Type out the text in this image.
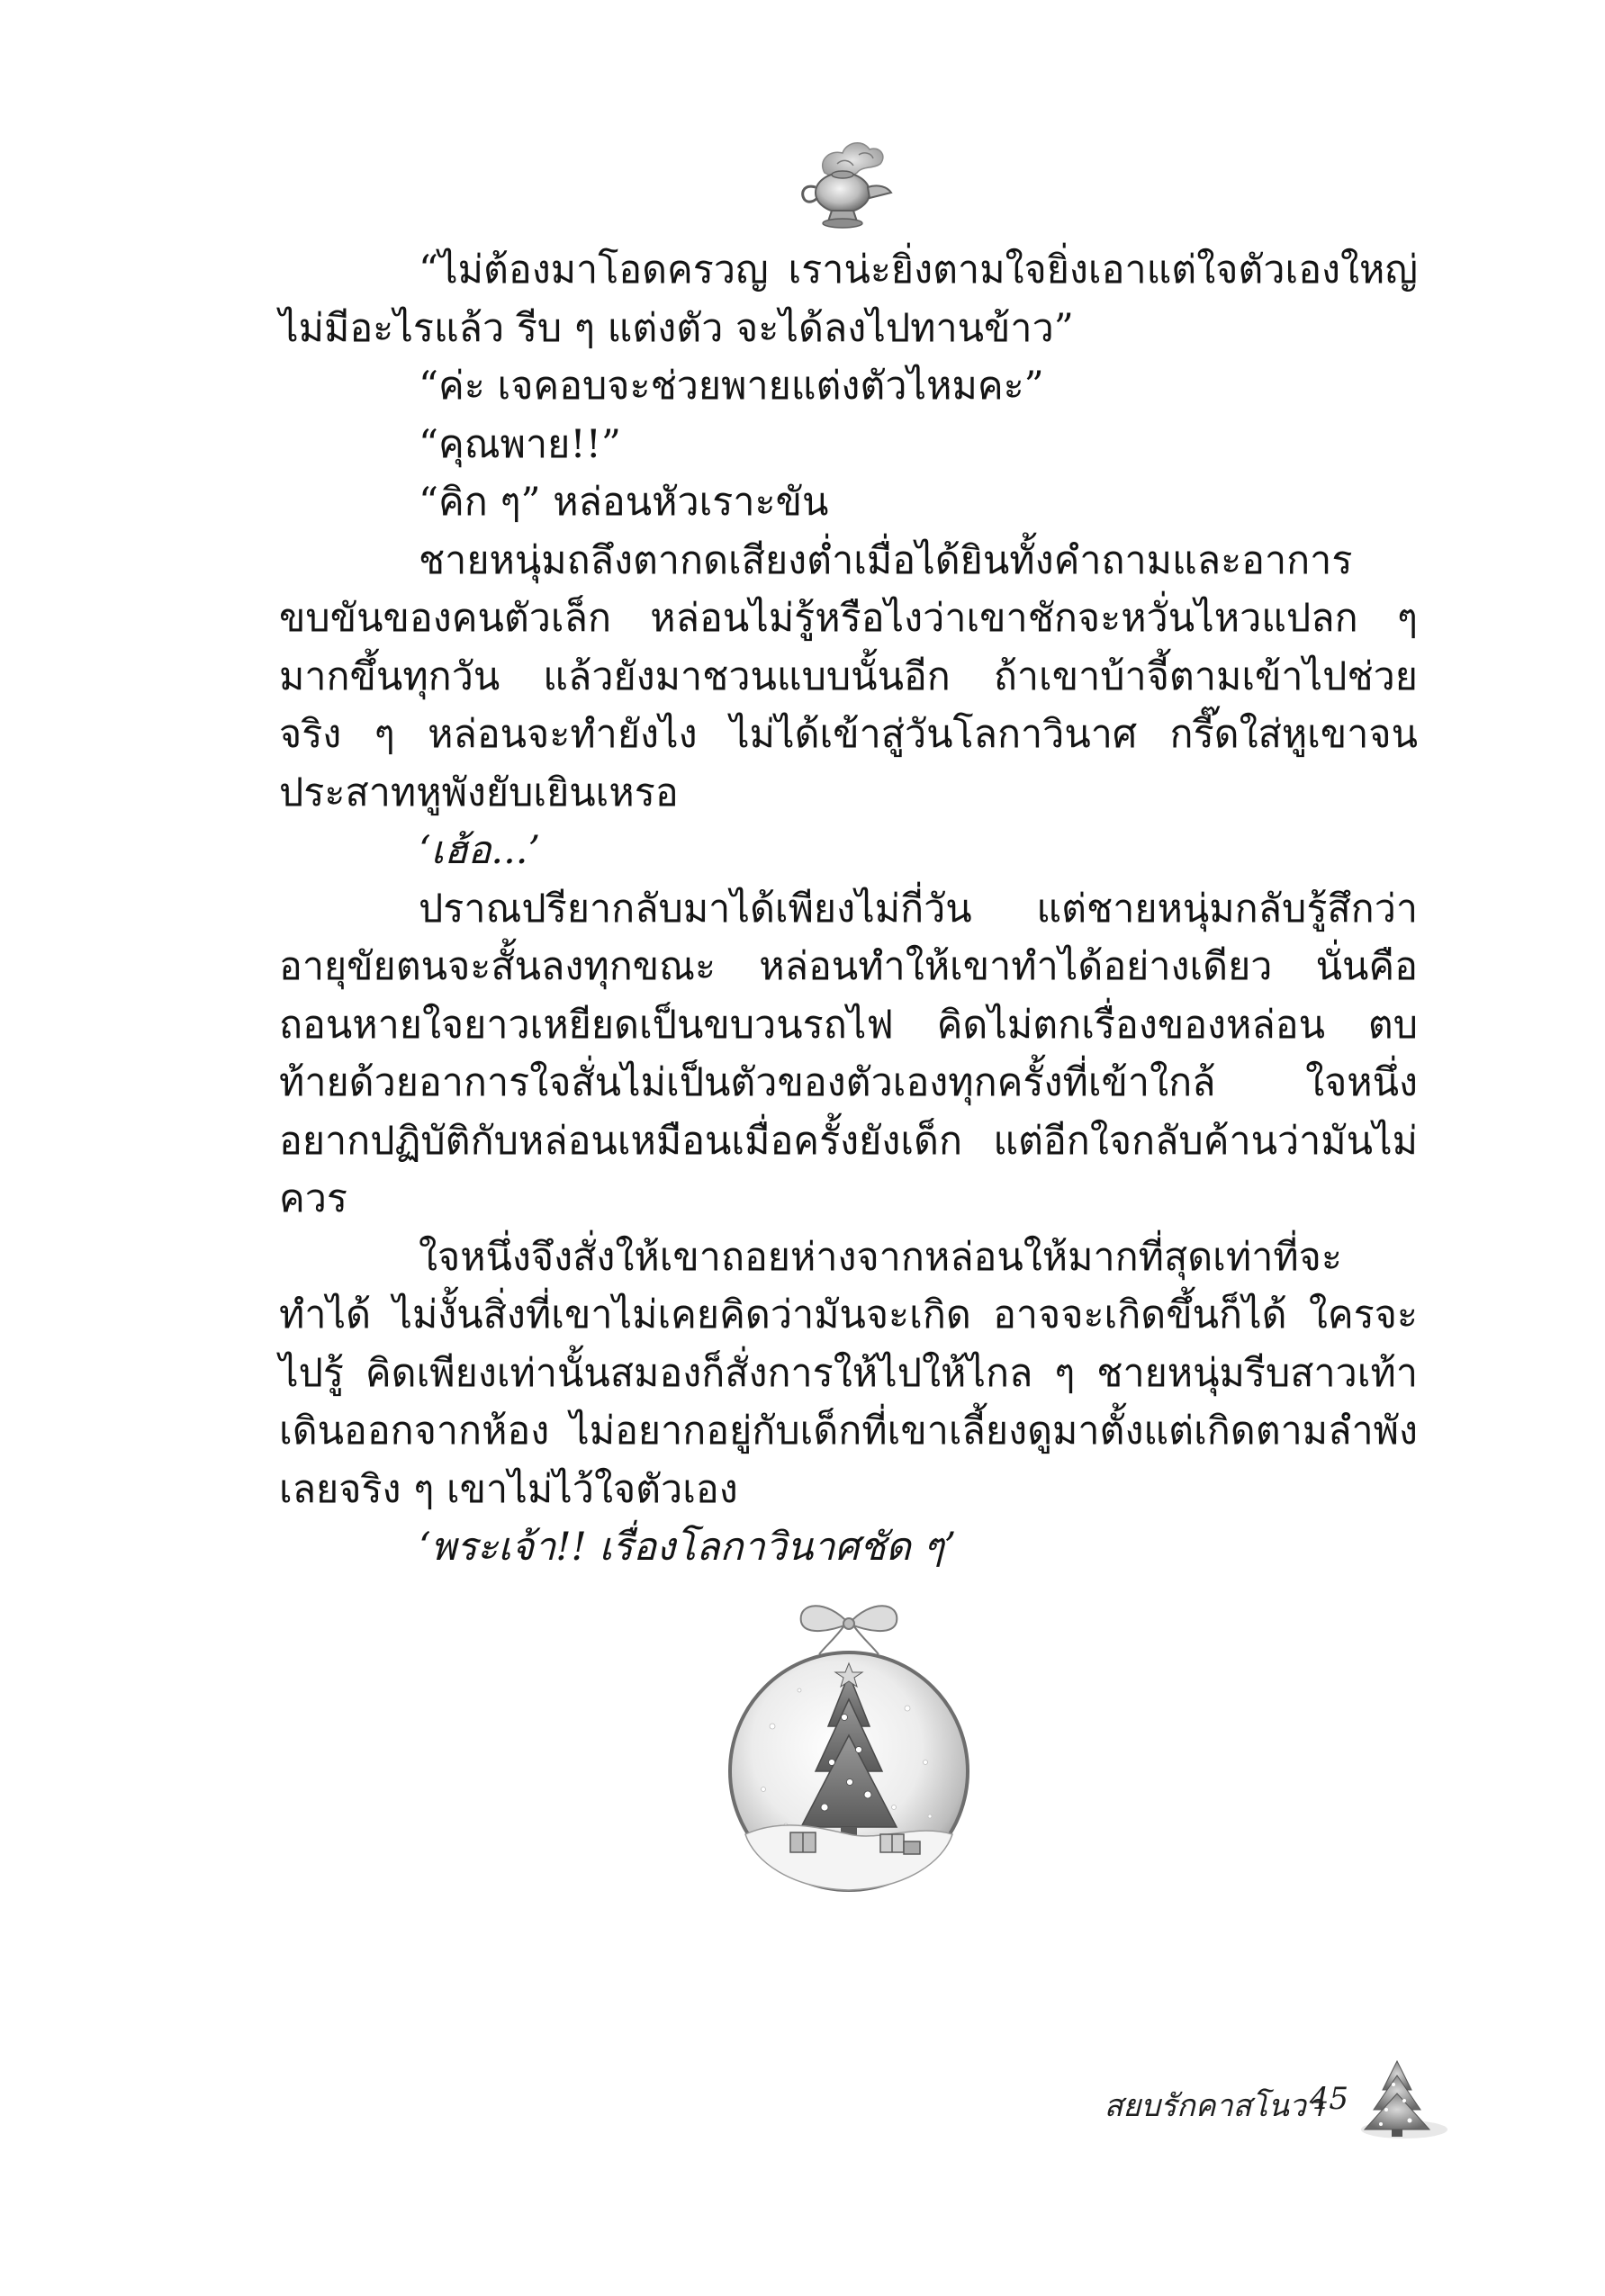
“ไม่ต้องมาโอดครวญ เราน่ะยิ่งตามใจยิ่งเอาแต่ใจตัวเองใหญ่ ไม่มีอะไรแล้ว รีบ ๆ แต่งตัว จะได้ลงไปทานข้าว”

“ค่ะ เจคอบจะช่วยพายแต่งตัวไหมคะ”

“คุณพาย!!”

“คิก ๆ” หล่อนหัวเราะขัน

ชายหนุ่มถลึงตากดเสียงต่ำเมื่อได้ยินทั้งคำถามและอาการขบขันของคนตัวเล็ก หล่อนไม่รู้หรือไงว่าเขาชักจะหวั่นไหวแปลก ๆ มากขึ้นทุกวัน แล้วยังมาชวนแบบนั้นอีก ถ้าเขาบ้าจี้ตามเข้าไปช่วยจริง ๆ หล่อนจะทำยังไง ไม่ได้เข้าสู่วันโลกาวินาศ กรี๊ดใส่หูเขาจนประสาทหูพังยับเยินเหรอ

‘เฮ้อ...’

ปราณปรียากลับมาได้เพียงไม่กี่วัน แต่ชายหนุ่มกลับรู้สึกว่าอายุขัยตนจะสั้นลงทุกขณะ หล่อนทำให้เขาทำได้อย่างเดียว นั่นคือถอนหายใจยาวเหยียดเป็นขบวนรถไฟ คิดไม่ตกเรื่องของหล่อน ตบท้ายด้วยอาการใจสั่นไม่เป็นตัวของตัวเองทุกครั้งที่เข้าใกล้ ใจหนึ่งอยากปฏิบัติกับหล่อนเหมือนเมื่อครั้งยังเด็ก แต่อีกใจกลับค้านว่ามันไม่ควร

ใจหนึ่งจึงสั่งให้เขาถอยห่างจากหล่อนให้มากที่สุดเท่าที่จะทำได้ ไม่งั้นสิ่งที่เขาไม่เคยคิดว่ามันจะเกิด อาจจะเกิดขึ้นก็ได้ ใครจะไปรู้ คิดเพียงเท่านั้นสมองก็สั่งการให้ไปให้ไกล ๆ ชายหนุ่มรีบสาวเท้าเดินออกจากห้อง ไม่อยากอยู่กับเด็กที่เขาเลี้ยงดูมาตั้งแต่เกิดตามลำพังเลยจริง ๆ เขาไม่ไว้ใจตัวเอง

‘พระเจ้า!! เรื่องโลกาวินาศชัด ๆ’

สยบรักคาสโนวา
45
